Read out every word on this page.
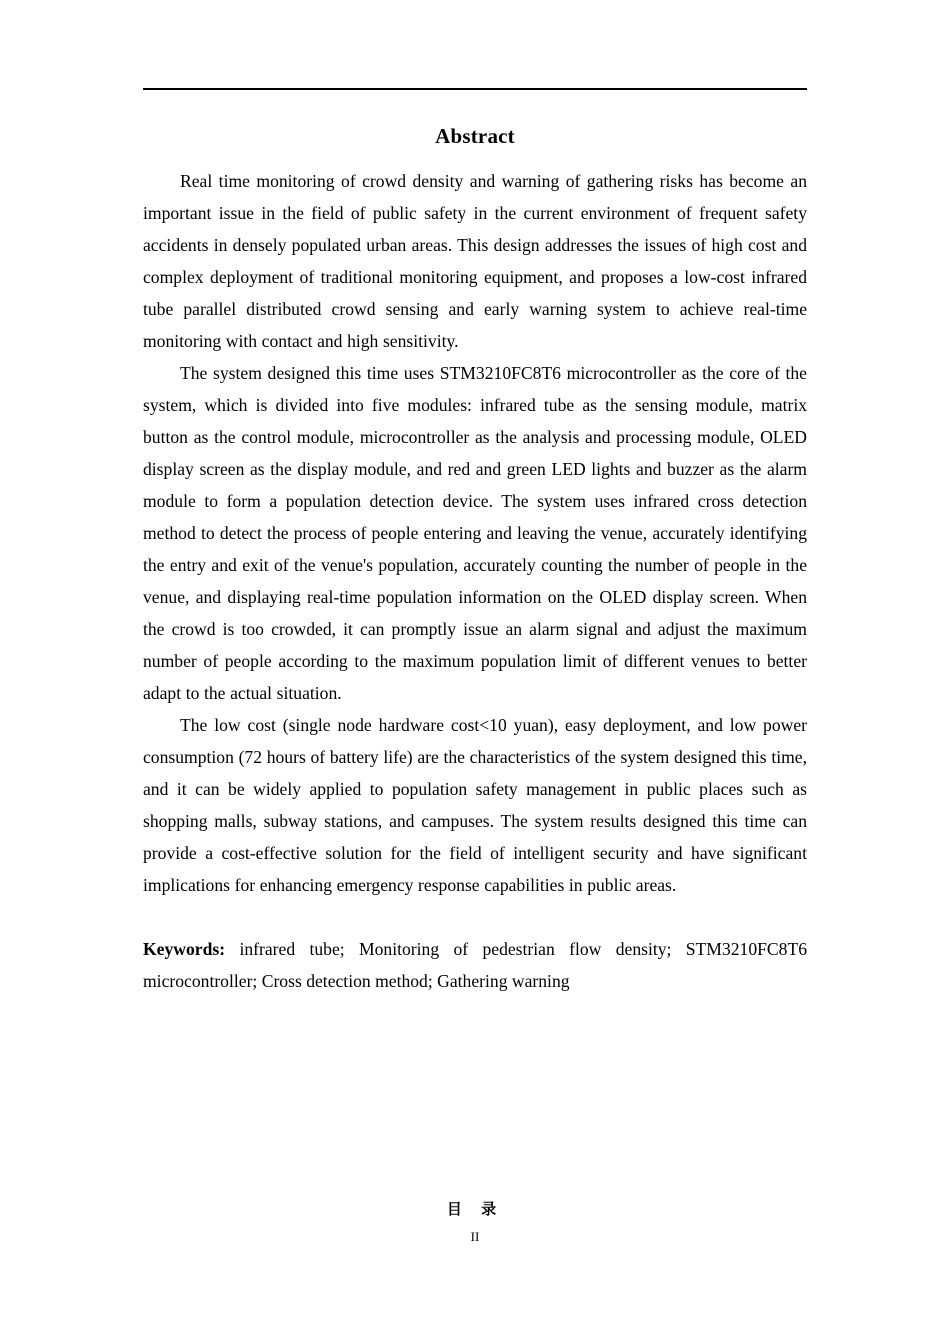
Abstract

Real time monitoring of crowd density and warning of gathering risks has become an important issue in the field of public safety in the current environment of frequent safety accidents in densely populated urban areas. This design addresses the issues of high cost and complex deployment of traditional monitoring equipment, and proposes a low-cost infrared tube parallel distributed crowd sensing and early warning system to achieve real-time monitoring with contact and high sensitivity.

The system designed this time uses STM3210FC8T6 microcontroller as the core of the system, which is divided into five modules: infrared tube as the sensing module, matrix button as the control module, microcontroller as the analysis and processing module, OLED display screen as the display module, and red and green LED lights and buzzer as the alarm module to form a population detection device. The system uses infrared cross detection method to detect the process of people entering and leaving the venue, accurately identifying the entry and exit of the venue's population, accurately counting the number of people in the venue, and displaying real-time population information on the OLED display screen. When the crowd is too crowded, it can promptly issue an alarm signal and adjust the maximum number of people according to the maximum population limit of different venues to better adapt to the actual situation.

The low cost (single node hardware cost<10 yuan), easy deployment, and low power consumption (72 hours of battery life) are the characteristics of the system designed this time, and it can be widely applied to population safety management in public places such as shopping malls, subway stations, and campuses. The system results designed this time can provide a cost-effective solution for the field of intelligent security and have significant implications for enhancing emergency response capabilities in public areas.

Keywords: infrared tube; Monitoring of pedestrian flow density; STM3210FC8T6 microcontroller; Cross detection method; Gathering warning

目 录

II
